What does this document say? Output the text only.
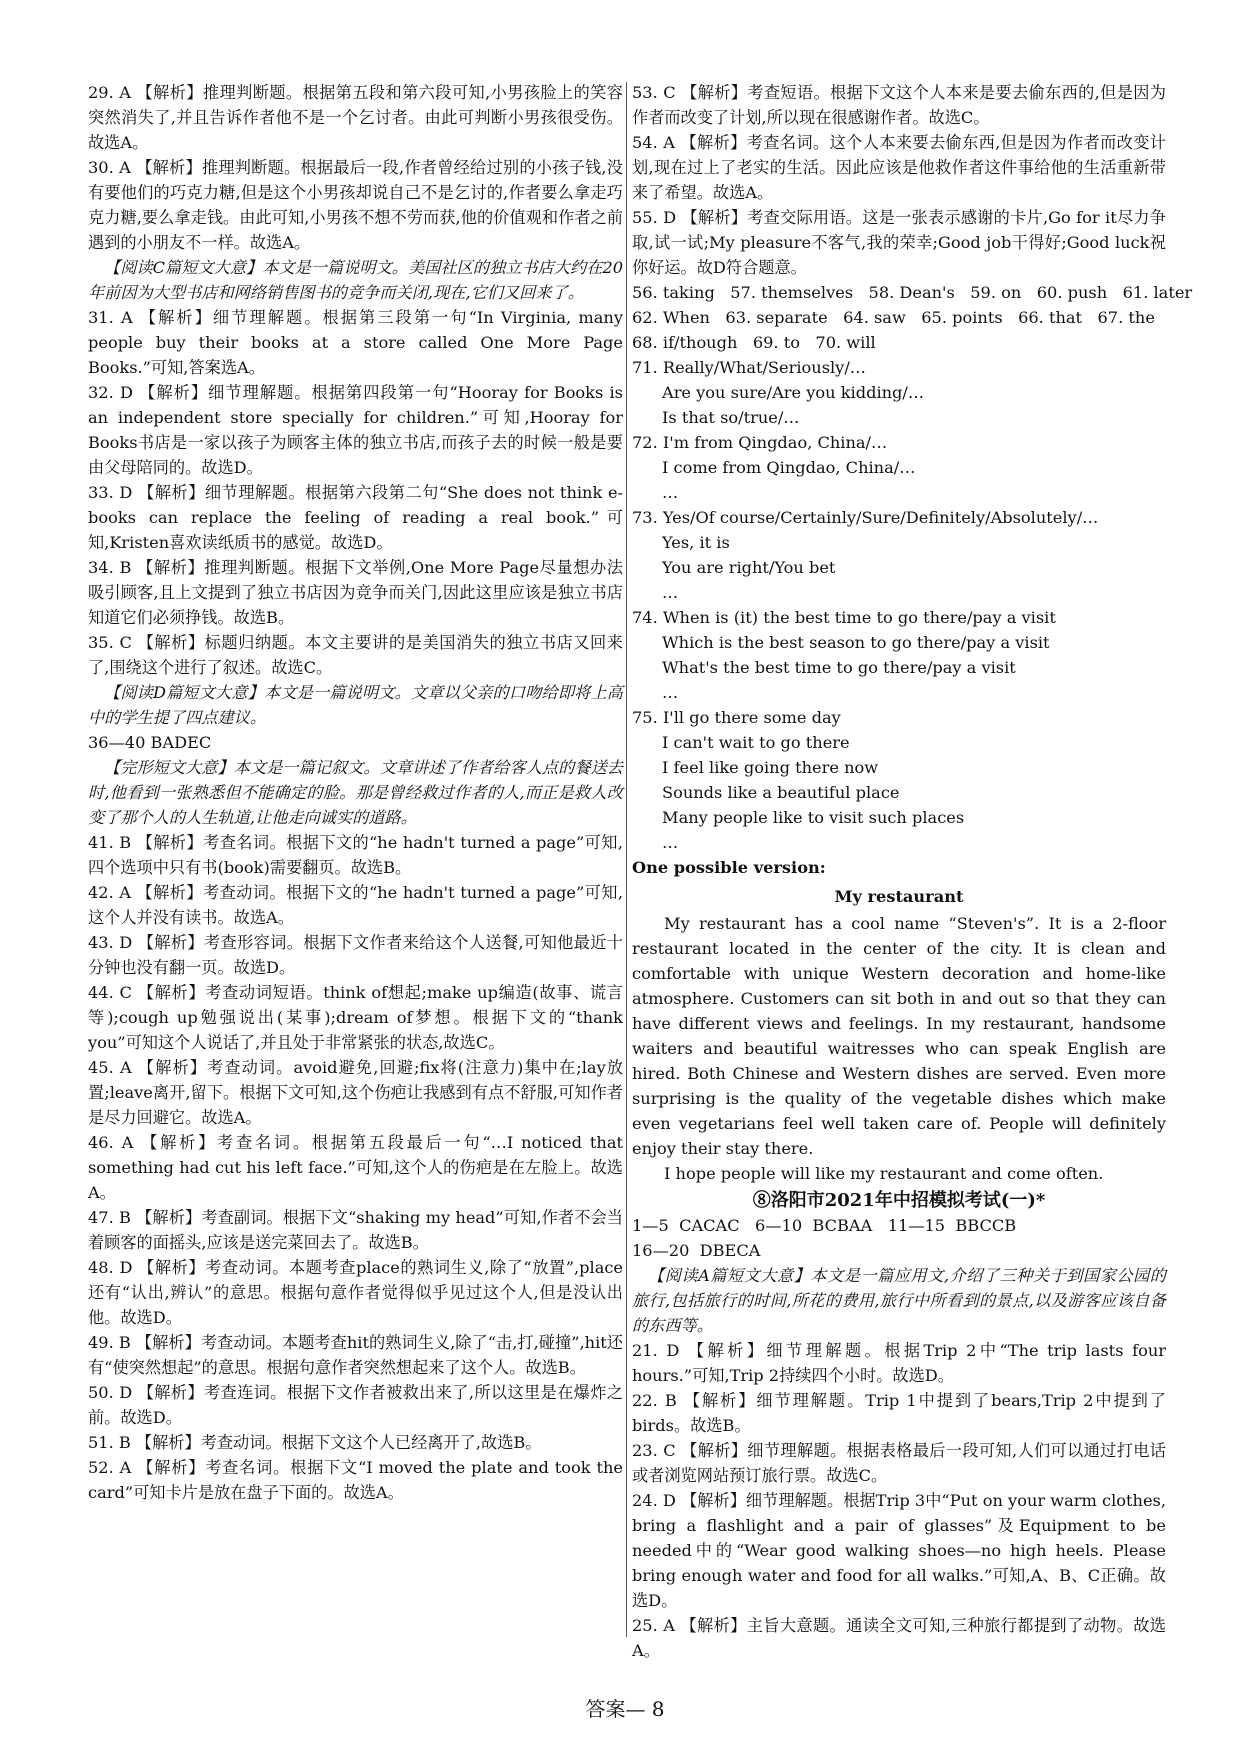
29. A 【解析】推理判断题。根据第五段和第六段可知,小男孩脸上的笑容突然消失了,并且告诉作者他不是一个乞讨者。由此可判断小男孩很受伤。故选A。
30. A 【解析】推理判断题。根据最后一段,作者曾经给过别的小孩子钱,没有要他们的巧克力糖,但是这个小男孩却说自己不是乞讨的,作者要么拿走巧克力糖,要么拿走钱。由此可知,小男孩不想不劳而获,他的价值观和作者之前遇到的小朋友不一样。故选A。
【阅读C篇短文大意】本文是一篇说明文。美国社区的独立书店大约在20年前因为大型书店和网络销售图书的竞争而关闭,现在,它们又回来了。
31. A 【解析】细节理解题。根据第三段第一句“In Virginia, many people buy their books at a store called One More Page Books.”可知,答案选A。
32. D 【解析】细节理解题。根据第四段第一句“Hooray for Books is an independent store specially for children.”可知,Hooray for Books书店是一家以孩子为顾客主体的独立书店,而孩子去的时候一般是要由父母陪同的。故选D。
33. D 【解析】细节理解题。根据第六段第二句“She does not think e-books can replace the feeling of reading a real book.”可知,Kristen喜欢读纸质书的感觉。故选D。
34. B 【解析】推理判断题。根据下文举例,One More Page尽量想办法吸引顾客,且上文提到了独立书店因为竞争而关门,因此这里应该是独立书店知道它们必须挣钱。故选B。
35. C 【解析】标题归纳题。本文主要讲的是美国消失的独立书店又回来了,围绕这个进行了叙述。故选C。
【阅读D篇短文大意】本文是一篇说明文。文章以父亲的口吻给即将上高中的学生提了四点建议。
36—40 BADEC
【完形短文大意】本文是一篇记叙文。文章讲述了作者给客人点的餐送去时,他看到一张熟悉但不能确定的脸。那是曾经救过作者的人,而正是救人改变了那个人的人生轨道,让他走向诚实的道路。
41. B 【解析】考查名词。根据下文的“he hadn't turned a page”可知,四个选项中只有书(book)需要翻页。故选B。
42. A 【解析】考查动词。根据下文的“he hadn't turned a page”可知,这个人并没有读书。故选A。
43. D 【解析】考查形容词。根据下文作者来给这个人送餐,可知他最近十分钟也没有翻一页。故选D。
44. C 【解析】考查动词短语。think of想起;make up编造(故事、谎言等);cough up勉强说出(某事);dream of梦想。根据下文的“thank you”可知这个人说话了,并且处于非常紧张的状态,故选C。
45. A 【解析】考查动词。avoid避免,回避;fix将(注意力)集中在;lay放置;leave离开,留下。根据下文可知,这个伤疤让我感到有点不舒服,可知作者是尽力回避它。故选A。
46. A 【解析】考查名词。根据第五段最后一句“…I noticed that something had cut his left face.”可知,这个人的伤疤是在左脸上。故选A。
47. B 【解析】考查副词。根据下文“shaking my head”可知,作者不会当着顾客的面摇头,应该是送完菜回去了。故选B。
48. D 【解析】考查动词。本题考查place的熟词生义,除了“放置”,place还有“认出,辨认”的意思。根据句意作者觉得似乎见过这个人,但是没认出他。故选D。
49. B 【解析】考查动词。本题考查hit的熟词生义,除了“击,打,碰撞”,hit还有“使突然想起”的意思。根据句意作者突然想起来了这个人。故选B。
50. D 【解析】考查连词。根据下文作者被救出来了,所以这里是在爆炸之前。故选D。
51. B 【解析】考查动词。根据下文这个人已经离开了,故选B。
52. A 【解析】考查名词。根据下文“I moved the plate and took the card”可知卡片是放在盘子下面的。故选A。
53. C 【解析】考查短语。根据下文这个人本来是要去偷东西的,但是因为作者而改变了计划,所以现在很感谢作者。故选C。
54. A 【解析】考查名词。这个人本来要去偷东西,但是因为作者而改变计划,现在过上了老实的生活。因此应该是他救作者这件事给他的生活重新带来了希望。故选A。
55. D 【解析】考查交际用语。这是一张表示感谢的卡片,Go for it尽力争取,试一试;My pleasure不客气,我的荣幸;Good job干得好;Good luck祝你好运。故D符合题意。
56. taking   57. themselves   58. Dean's   59. on   60. push   61. later
62. When   63. separate   64. saw   65. points   66. that   67. the
68. if/though   69. to   70. will
71. Really/What/Seriously/…
Are you sure/Are you kidding/…
Is that so/true/…
72. I'm from Qingdao, China/…
I come from Qingdao, China/…
…
73. Yes/Of course/Certainly/Sure/Definitely/Absolutely/…
Yes, it is
You are right/You bet
…
74. When is (it) the best time to go there/pay a visit
Which is the best season to go there/pay a visit
What's the best time to go there/pay a visit
…
75. I'll go there some day
I can't wait to go there
I feel like going there now
Sounds like a beautiful place
Many people like to visit such places
…
One possible version:
My restaurant

My restaurant has a cool name “Steven's”. It is a 2-floor restaurant located in the center of the city. It is clean and comfortable with unique Western decoration and home-like atmosphere. Customers can sit both in and out so that they can have different views and feelings. In my restaurant, handsome waiters and beautiful waitresses who can speak English are hired. Both Chinese and Western dishes are served. Even more surprising is the quality of the vegetable dishes which make even vegetarians feel well taken care of. People will definitely enjoy their stay there.

I hope people will like my restaurant and come often.

⑧洛阳市2021年中招模拟考试(一)*
1—5  CACAC   6—10  BCBAA   11—15  BBCCB
16—20  DBECA
【阅读A篇短文大意】本文是一篇应用文,介绍了三种关于到国家公园的旅行,包括旅行的时间,所花的费用,旅行中所看到的景点,以及游客应该自备的东西等。
21. D 【解析】细节理解题。根据Trip 2中“The trip lasts four hours.”可知,Trip 2持续四个小时。故选D。
22. B 【解析】细节理解题。Trip 1中提到了bears,Trip 2中提到了birds。故选B。
23. C 【解析】细节理解题。根据表格最后一段可知,人们可以通过打电话或者浏览网站预订旅行票。故选C。
24. D 【解析】细节理解题。根据Trip 3中“Put on your warm clothes, bring a flashlight and a pair of glasses”及Equipment to be needed中的“Wear good walking shoes—no high heels. Please bring enough water and food for all walks.”可知,A、B、C正确。故选D。
25. A 【解析】主旨大意题。通读全文可知,三种旅行都提到了动物。故选A。
答案— 8
